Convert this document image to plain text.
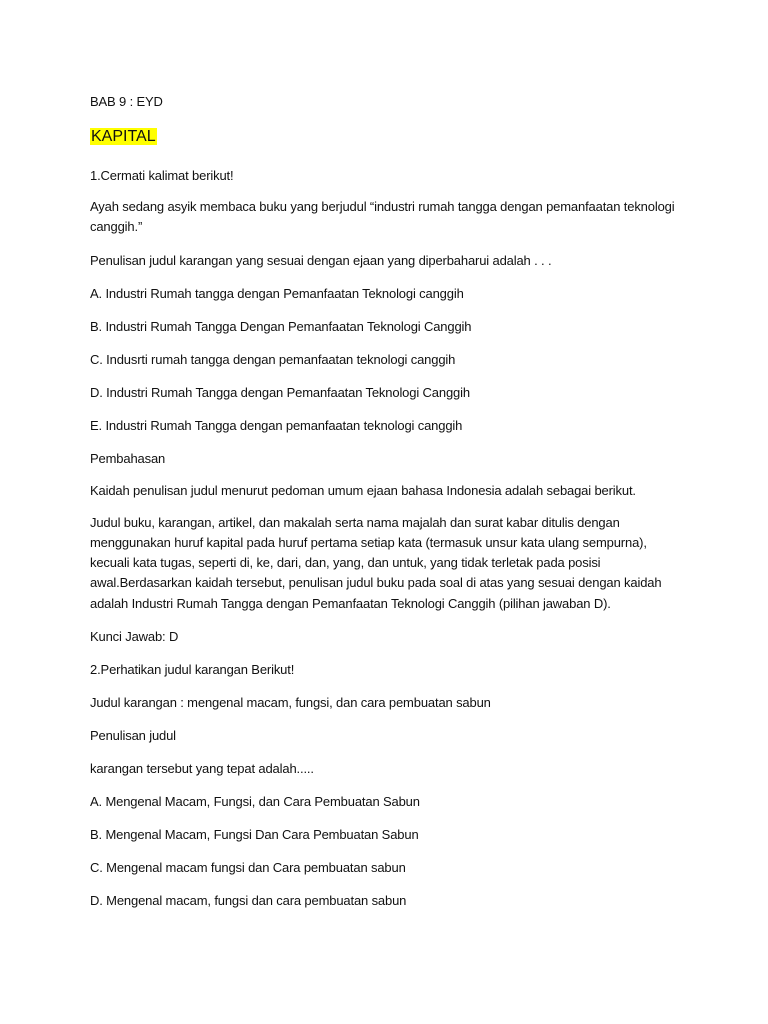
BAB 9 : EYD
KAPITAL
1.Cermati kalimat berikut!
Ayah sedang asyik membaca buku yang berjudul “industri rumah tangga dengan pemanfaatan teknologi
canggih.”
Penulisan judul karangan yang sesuai dengan ejaan yang diperbaharui adalah . . .
A. Industri Rumah tangga dengan Pemanfaatan Teknologi canggih
B. Industri Rumah Tangga Dengan Pemanfaatan Teknologi Canggih
C. Indusrti rumah tangga dengan pemanfaatan teknologi canggih
D. Industri Rumah Tangga dengan Pemanfaatan Teknologi Canggih
E. Industri Rumah Tangga dengan pemanfaatan teknologi canggih
Pembahasan
Kaidah penulisan judul menurut pedoman umum ejaan bahasa Indonesia adalah sebagai berikut.
Judul buku, karangan, artikel, dan makalah serta nama majalah dan surat kabar ditulis dengan
menggunakan huruf kapital pada huruf pertama setiap kata (termasuk unsur kata ulang sempurna),
kecuali kata tugas, seperti di, ke, dari, dan, yang, dan untuk, yang tidak terletak pada posisi
awal.Berdasarkan kaidah tersebut, penulisan judul buku pada soal di atas yang sesuai dengan kaidah
adalah Industri Rumah Tangga dengan Pemanfaatan Teknologi Canggih (pilihan jawaban D).
Kunci Jawab: D
2.Perhatikan judul karangan Berikut!
Judul karangan : mengenal macam, fungsi, dan cara pembuatan sabun
Penulisan judul
karangan tersebut yang tepat adalah.....
A. Mengenal Macam, Fungsi, dan Cara Pembuatan Sabun
B. Mengenal Macam, Fungsi Dan Cara Pembuatan Sabun
C. Mengenal macam fungsi dan Cara pembuatan sabun
D. Mengenal macam, fungsi dan cara pembuatan sabun
